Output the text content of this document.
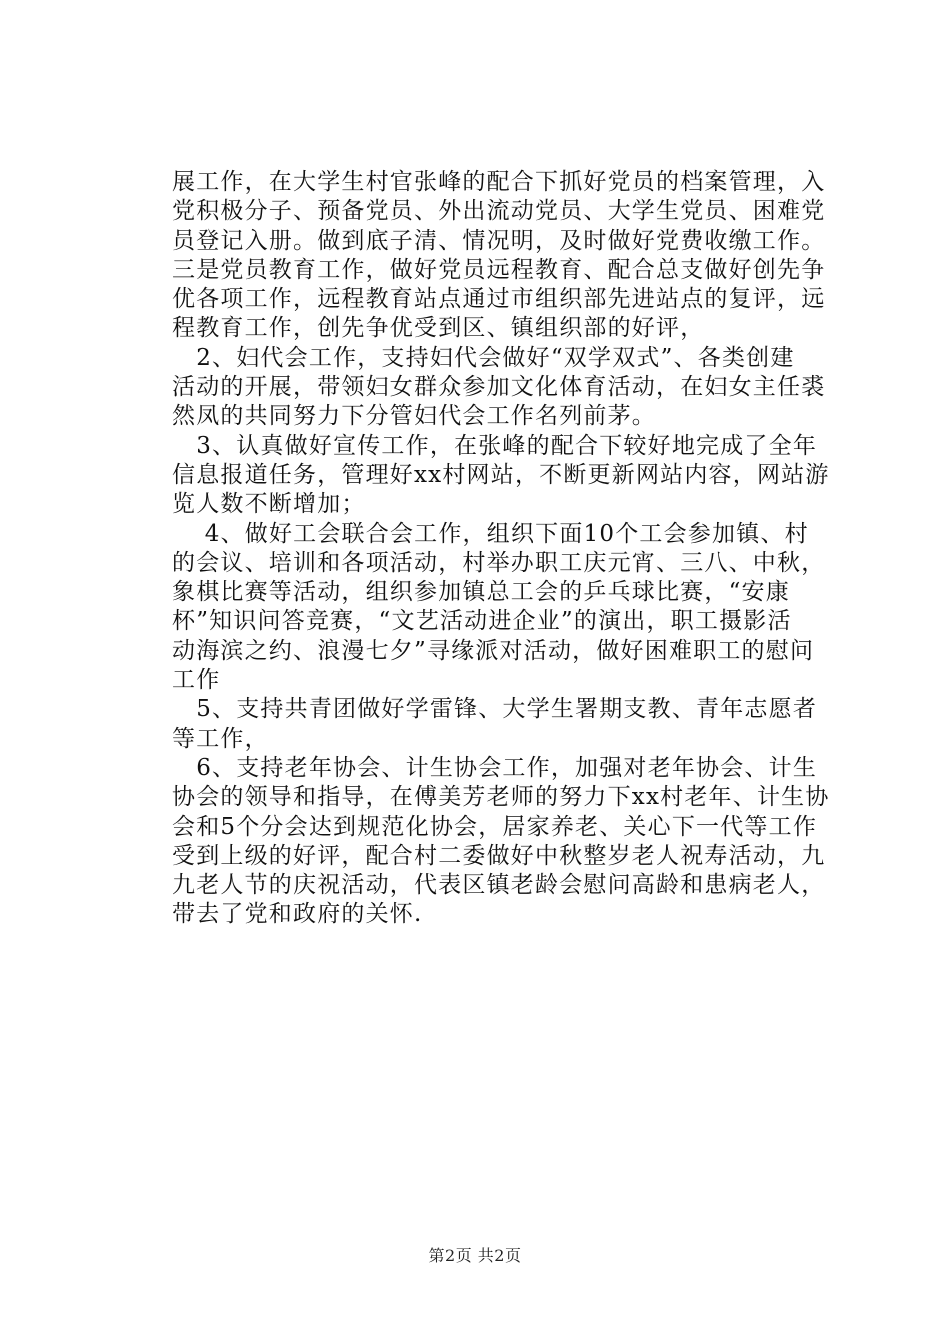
展工作，在大学生村官张峰的配合下抓好党员的档案管理，入
党积极分子、预备党员、外出流动党员、大学生党员、困难党
员登记入册。做到底子清、情况明，及时做好党费收缴工作。
三是党员教育工作，做好党员远程教育、配合总支做好创先争
优各项工作，远程教育站点通过市组织部先进站点的复评，远
程教育工作，创先争优受到区、镇组织部的好评，
　2、妇代会工作，支持妇代会做好“双学双式”、各类创建
活动的开展，带领妇女群众参加文化体育活动，在妇女主任裘
然凤的共同努力下分管妇代会工作名列前茅。
　3、认真做好宣传工作，在张峰的配合下较好地完成了全年
信息报道任务，管理好xx村网站，不断更新网站内容，网站游
览人数不断增加；
　 4、做好工会联合会工作，组织下面10个工会参加镇、村
的会议、培训和各项活动，村举办职工庆元宵、三八、中秋，
象棋比赛等活动，组织参加镇总工会的乒乓球比赛，“安康
杯”知识问答竞赛，“文艺活动进企业”的演出，职工摄影活
动海滨之约、浪漫七夕”寻缘派对活动，做好困难职工的慰问
工作
　5、支持共青团做好学雷锋、大学生署期支教、青年志愿者
等工作，
　6、支持老年协会、计生协会工作，加强对老年协会、计生
协会的领导和指导，在傅美芳老师的努力下xx村老年、计生协
会和5个分会达到规范化协会，居家养老、关心下一代等工作
受到上级的好评，配合村二委做好中秋整岁老人祝寿活动，九
九老人节的庆祝活动，代表区镇老龄会慰问高龄和患病老人，
带去了党和政府的关怀.
第2页 共2页
